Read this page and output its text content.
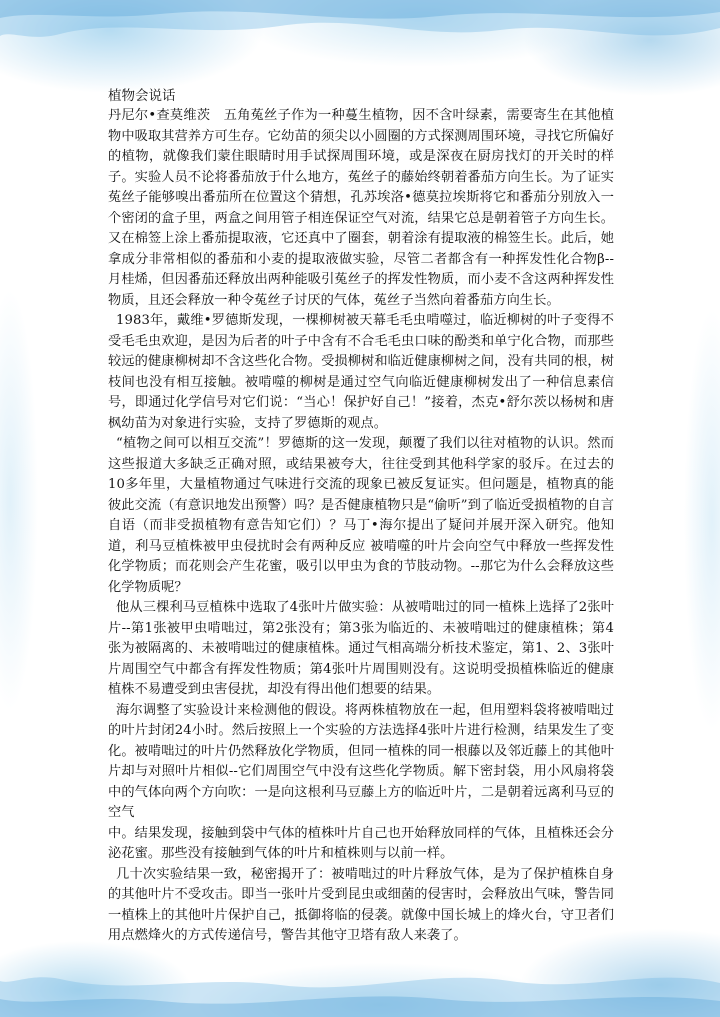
植物会说话

丹尼尔•查莫维茨　五角菟丝子作为一种蔓生植物，因不含叶绿素，需要寄生在其他植物中吸取其营养方可生存。它幼苗的须尖以小圆圈的方式探测周围环境，寻找它所偏好的植物，就像我们蒙住眼睛时用手试探周围环境，或是深夜在厨房找灯的开关时的样子。实验人员不论将番茄放于什么地方，菟丝子的藤始终朝着番茄方向生长。为了证实菟丝子能够嗅出番茄所在位置这个猜想，孔苏埃洛•德莫拉埃斯将它和番茄分别放入一个密闭的盒子里，两盒之间用管子相连保证空气对流，结果它总是朝着管子方向生长。又在棉签上涂上番茄提取液，它还真中了圈套，朝着涂有提取液的棉签生长。此后，她拿成分非常相似的番茄和小麦的提取液做实验，尽管二者都含有一种挥发性化合物β--月桂烯，但因番茄还释放出两种能吸引菟丝子的挥发性物质，而小麦不含这两种挥发性物质，且还会释放一种令菟丝子讨厌的气体，菟丝子当然向着番茄方向生长。

1983年，戴维•罗德斯发现，一棵柳树被天幕毛毛虫啃噬过，临近柳树的叶子变得不受毛毛虫欢迎，是因为后者的叶子中含有不合毛毛虫口味的酚类和单宁化合物，而那些较远的健康柳树却不含这些化合物。受损柳树和临近健康柳树之间，没有共同的根，树枝间也没有相互接触。被啃噬的柳树是通过空气向临近健康柳树发出了一种信息素信号，即通过化学信号对它们说：“当心！保护好自己！”接着，杰克•舒尔茨以杨树和唐枫幼苗为对象进行实验，支持了罗德斯的观点。

“植物之间可以相互交流”！罗德斯的这一发现，颠覆了我们以往对植物的认识。然而这些报道大多缺乏正确对照，或结果被夸大，往往受到其他科学家的驳斥。在过去的10多年里，大量植物通过气味进行交流的现象已被反复证实。但问题是，植物真的能彼此交流（有意识地发出预警）吗？是否健康植物只是“偷听”到了临近受损植物的自言自语（而非受损植物有意告知它们）？马丁•海尔提出了疑问并展开深入研究。他知道，利马豆植株被甲虫侵扰时会有两种反应 被啃噬的叶片会向空气中释放一些挥发性化学物质；而花则会产生花蜜，吸引以甲虫为食的节肢动物。--那它为什么会释放这些化学物质呢？

他从三棵利马豆植株中选取了4张叶片做实验：从被啃咄过的同一植株上选择了2张叶片--第1张被甲虫啃咄过，第2张没有；第3张为临近的、未被啃咄过的健康植株；第4张为被隔离的、未被啃咄过的健康植株。通过气相高端分析技术鉴定，第1、2、3张叶片周围空气中都含有挥发性物质；第4张叶片周围则没有。这说明受损植株临近的健康植株不易遭受到虫害侵扰，却没有得出他们想要的结果。

海尔调整了实验设计来检测他的假设。将两株植物放在一起，但用塑料袋将被啃咄过的叶片封闭24小时。然后按照上一个实验的方法选择4张叶片进行检测，结果发生了变化。被啃咄过的叶片仍然释放化学物质，但同一植株的同一根藤以及邻近藤上的其他叶片却与对照叶片相似--它们周围空气中没有这些化学物质。解下密封袋，用小风扇将袋中的气体向两个方向吹：一是向这根利马豆藤上方的临近叶片，二是朝着远离利马豆的空气

中。结果发现，接触到袋中气体的植株叶片自己也开始释放同样的气体，且植株还会分泌花蜜。那些没有接触到气体的叶片和植株则与以前一样。

几十次实验结果一致，秘密揭开了：被啃咄过的叶片释放气体，是为了保护植株自身的其他叶片不受攻击。即当一张叶片受到昆虫或细菌的侵害时，会释放出气味，警告同一植株上的其他叶片保护自己，抵御将临的侵袭。就像中国长城上的烽火台，守卫者们用点燃烽火的方式传递信号，警告其他守卫塔有敌人来袭了。
